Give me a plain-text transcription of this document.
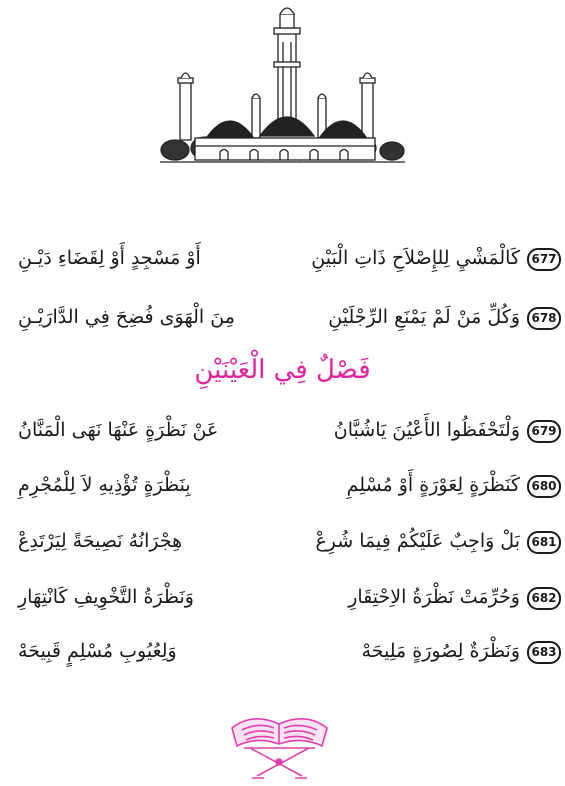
677
كَالْمَشْيِ لِلإِصْلاَحِ ذَاتِ الْبَيْنِ
أَوْ مَسْجِدٍ أَوْ لِقَضَاءِ دَيْـنِ
678
وَكُلِّ مَنْ لَمْ يَمْنَعِ الرِّجْلَيْنِ
مِنَ الْهَوَى فُضِحَ فِي الدَّارَيْـنِ
فَصْلٌ فِي الْعَيْنَيْنِ
679
وَلْتَحْفَظُوا الأَعْيُنَ يَاشُبَّانُ
عَنْ نَظْرَةٍ عَنْهَا نَهَى الْمَنَّانُ
680
كَنَظْرَةٍ لِعَوْرَةٍ أَوْ مُسْلِمِ
بِنَظْرَةٍ تُؤْذِيهِ لاَ لِلْمُجْرِمِ
681
بَلْ وَاجِبٌ عَلَيْكُمْ فِيمَا شُرِعْ
هِجْرَانُهُ نَصِيحَةً لِيَرْتَدِعْ
682
وَحُرِّمَتْ نَظْرَةُ الاِحْتِقَارِ
وَنَظْرَةُ التَّخْوِيفِ كَانْتِهَارِ
683
وَنَظْرَةٌ لِصُورَةٍ مَلِيحَهْ
وَلِعُيُوبِ مُسْلِمٍ قَبِيحَهْ
